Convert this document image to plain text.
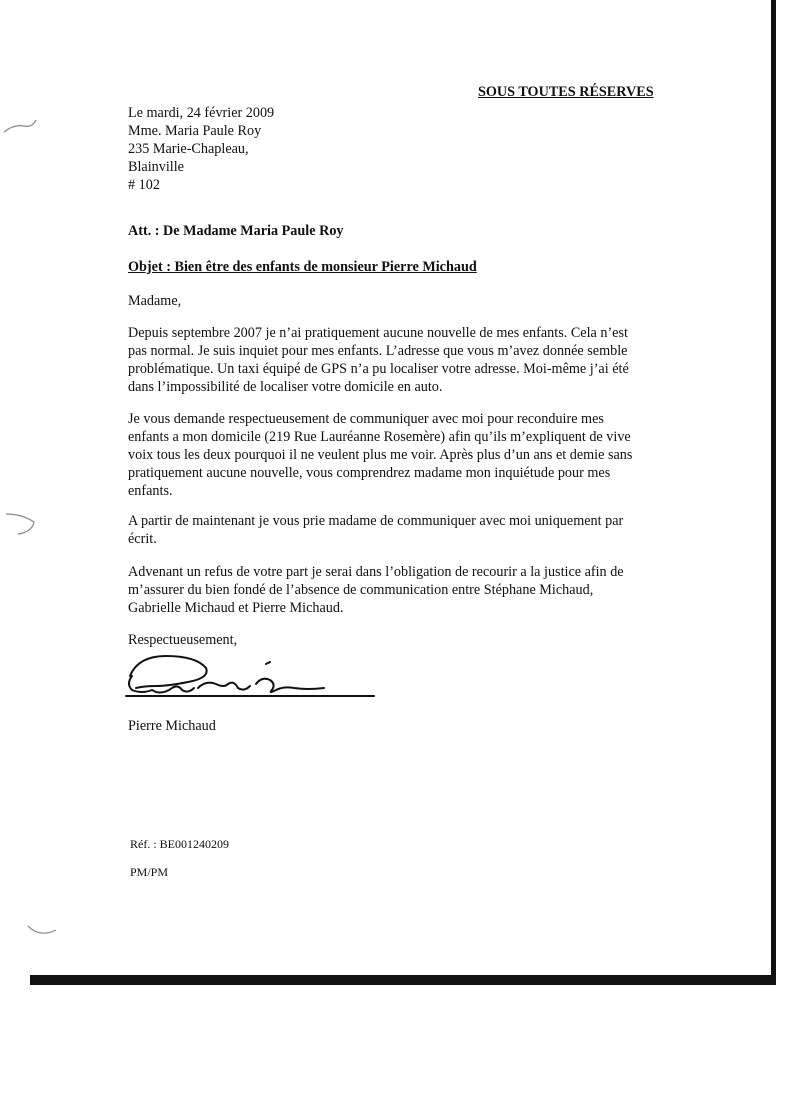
SOUS TOUTES RÉSERVES

Le mardi, 24 février 2009

Mme. Maria Paule Roy

235 Marie-Chapleau,

Blainville

# 102

Att. : De Madame Maria Paule Roy

Objet : Bien être des enfants de monsieur Pierre Michaud

Madame,

Depuis septembre 2007 je n’ai pratiquement aucune nouvelle de mes enfants. Cela n’est
pas normal. Je suis inquiet pour mes enfants. L’adresse que vous m’avez donnée semble
problématique. Un taxi équipé de GPS n’a pu localiser votre adresse. Moi-même j’ai été
dans l’impossibilité de localiser votre domicile en auto.
Je vous demande respectueusement de communiquer avec moi pour reconduire mes
enfants a mon domicile (219 Rue Lauréanne Rosemère) afin qu’ils m’expliquent de vive
voix tous les deux pourquoi il ne veulent plus me voir. Après plus d’un ans et demie sans
pratiquement aucune nouvelle, vous comprendrez madame mon inquiétude pour mes
enfants.
A partir de maintenant je vous prie madame de communiquer avec moi uniquement par
écrit.
Advenant un refus de votre part je serai dans l’obligation de recourir a la justice afin de
m’assurer du bien fondé de l’absence de communication entre Stéphane Michaud,
Gabrielle Michaud et Pierre Michaud.

Respectueusement,

Pierre Michaud

Réf. : BE001240209

PM/PM
